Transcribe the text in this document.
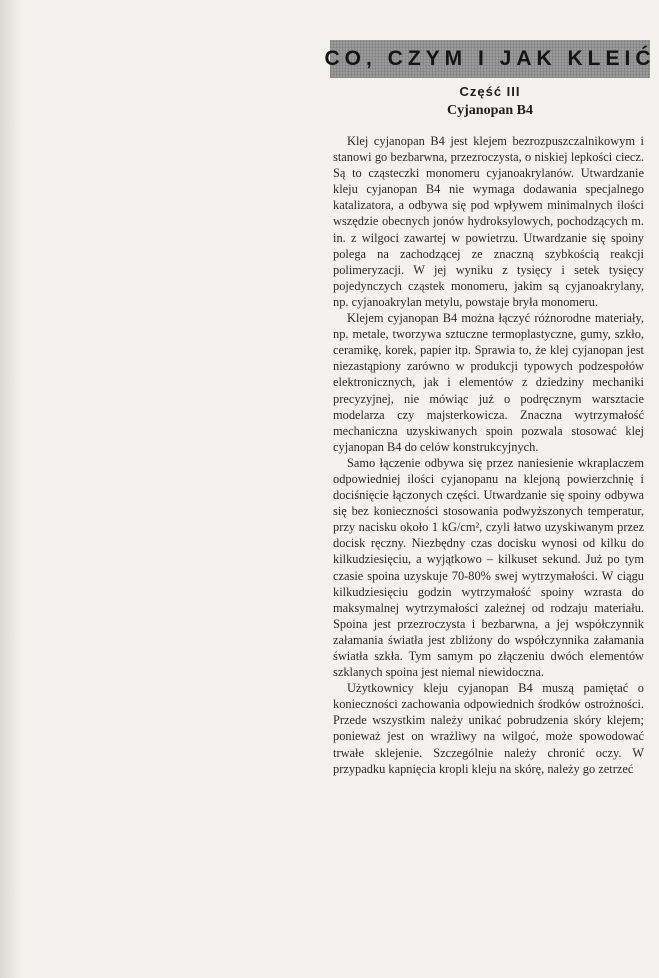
CO, CZYM I JAK KLEIĆ
Część III
Cyjanopan B4

Klej cyjanopan B4 jest klejem bezrozpuszczalnikowym i stanowi go bezbarwna, przezroczysta, o niskiej lepkości ciecz. Są to cząsteczki monomeru cyjanoakrylanów. Utwardzanie kleju cyjanopan B4 nie wymaga dodawania specjalnego katalizatora, a odbywa się pod wpływem minimalnych ilości wszędzie obecnych jonów hydroksylowych, pochodzących m. in. z wilgoci zawartej w powietrzu. Utwardzanie się spoiny polega na zachodzącej ze znaczną szybkością reakcji polimeryzacji. W jej wyniku z tysięcy i setek tysięcy pojedynczych cząstek monomeru, jakim są cyjanoakrylany, np. cyjanoakrylan metylu, powstaje bryła monomeru.

Klejem cyjanopan B4 można łączyć różnorodne materiały, np. metale, tworzywa sztuczne termoplastyczne, gumy, szkło, ceramikę, korek, papier itp. Sprawia to, że klej cyjanopan jest niezastąpiony zarówno w produkcji typowych podzespołów elektronicznych, jak i elementów z dziedziny mechaniki precyzyjnej, nie mówiąc już o podręcznym warsztacie modelarza czy majsterkowicza. Znaczna wytrzymałość mechaniczna uzyskiwanych spoin pozwala stosować klej cyjanopan B4 do celów konstrukcyjnych.

Samo łączenie odbywa się przez naniesienie wkraplaczem odpowiedniej ilości cyjanopanu na klejoną powierzchnię i dociśnięcie łączonych części. Utwardzanie się spoiny odbywa się bez konieczności stosowania podwyższonych temperatur, przy nacisku około 1 kG/cm², czyli łatwo uzyskiwanym przez docisk ręczny. Niezbędny czas docisku wynosi od kilku do kilkudziesięciu, a wyjątkowo – kilkuset sekund. Już po tym czasie spoina uzyskuje 70-80% swej wytrzymałości. W ciągu kilkudziesięciu godzin wytrzymałość spoiny wzrasta do maksymalnej wytrzymałości zależnej od rodzaju materiału. Spoina jest przezroczysta i bezbarwna, a jej współczynnik załamania światła jest zbliżony do współczynnika załamania światła szkła. Tym samym po złączeniu dwóch elementów szklanych spoina jest niemal niewidoczna.

Użytkownicy kleju cyjanopan B4 muszą pamiętać o konieczności zachowania odpowiednich środków ostrożności. Przede wszystkim należy unikać pobrudzenia skóry klejem; ponieważ jest on wrażliwy na wilgoć, może spowodować trwałe sklejenie. Szczególnie należy chronić oczy. W przypadku kapnięcia kropli kleju na skórę, należy go zetrzeć
